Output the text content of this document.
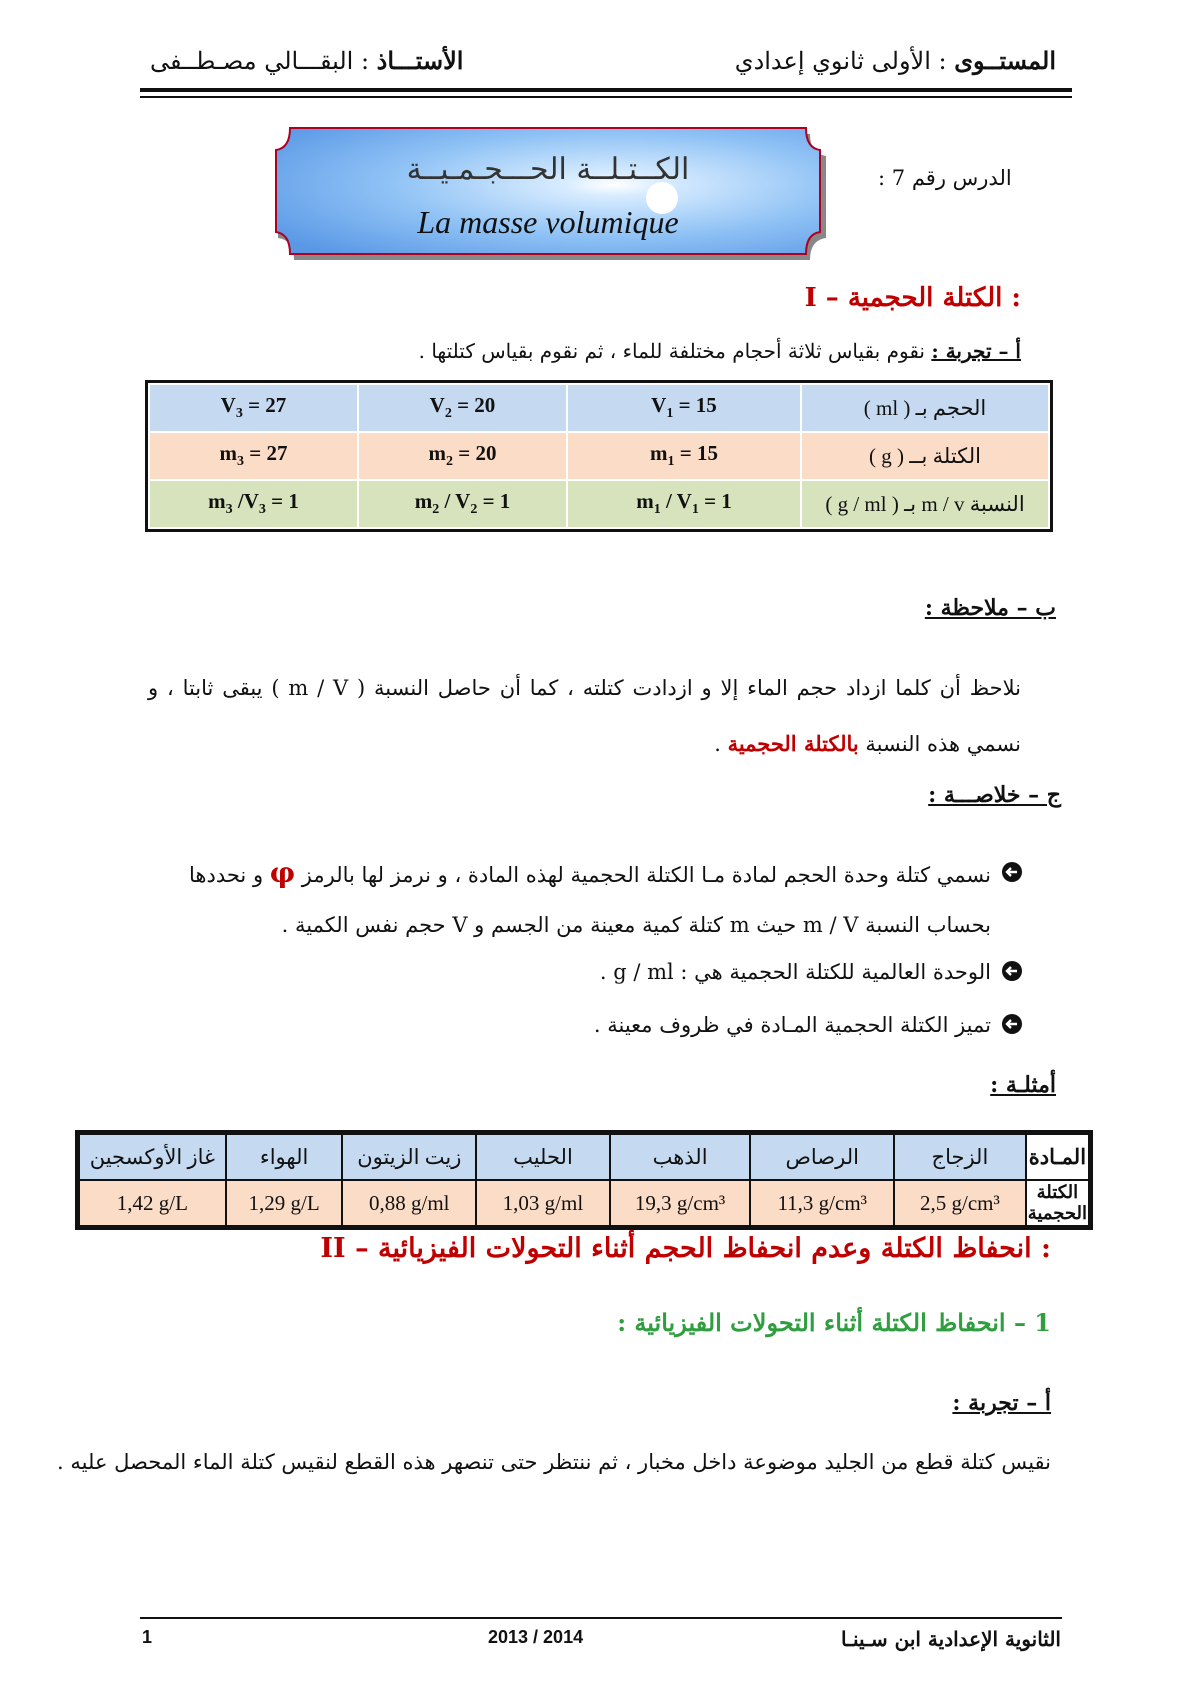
المستــوى : الأولى ثانوي إعدادي
الأستـــاذ : البقـــالي مصـطــفى
الكــتـلــة الحـــجـمـيــة
La masse volumique
الدرس رقم 7 :
I – الكتلة الحجمية :
أ – تجربة : نقوم بقياس ثلاثة أحجام مختلفة للماء ، ثم نقوم بقياس كتلتها .
$V_3 = 27$	$V_2 = 20$	$V_1 = 15$	الحجم بـ ( ml )
$m_3 = 27$	$m_2 = 20$	$m_1 = 15$	الكتلة بــ ( g )
$m_3$ $/V_3 = 1$	$m_2 / V_2 = 1$	$m_1 / V_1 = 1$	النسبة m / v بـ ( g / ml )
ب – ملاحظة :
نلاحظ أن كلما ازداد حجم الماء إلا و ازدادت كتلته ، كما أن حاصل النسبة ( m / V ) يبقى ثابتا ، و نسمي هذه النسبة بالكتلة الحجمية .
ج – خلاصـــة :
نسمي كتلة وحدة الحجم لمادة مـا الكتلة الحجمية لهذه المادة ، و نرمز لها بالرمز φ و نحددها بحساب النسبة m / V حيث m كتلة كمية معينة من الجسم و V حجم نفس الكمية .
الوحدة العالمية للكتلة الحجمية هي : g / ml .
تميز الكتلة الحجمية المـادة في ظروف معينة .
أمثلـة :
غاز الأوكسجين	الهواء	زيت الزيتون	الحليب	الذهب	الرصاص	الزجاج	المـادة
1,42 g/L	1,29 g/L	0,88 g/ml	1,03 g/ml	19,3 g/cm³	11,3 g/cm³	2,5 g/cm³	الكتلة الحجمية
II – انحفاظ الكتلة وعدم انحفاظ الحجم أثناء التحولات الفيزيائية :
1 – انحفاظ الكتلة أثناء التحولات الفيزيائية :
أ – تجربة :
نقيس كتلة قطع من الجليد موضوعة داخل مخبار ، ثم ننتظر حتى تنصهر هذه القطع لنقيس كتلة الماء المحصل عليه .
الثانوية الإعدادية ابن سـينـا
2013 / 2014
1
